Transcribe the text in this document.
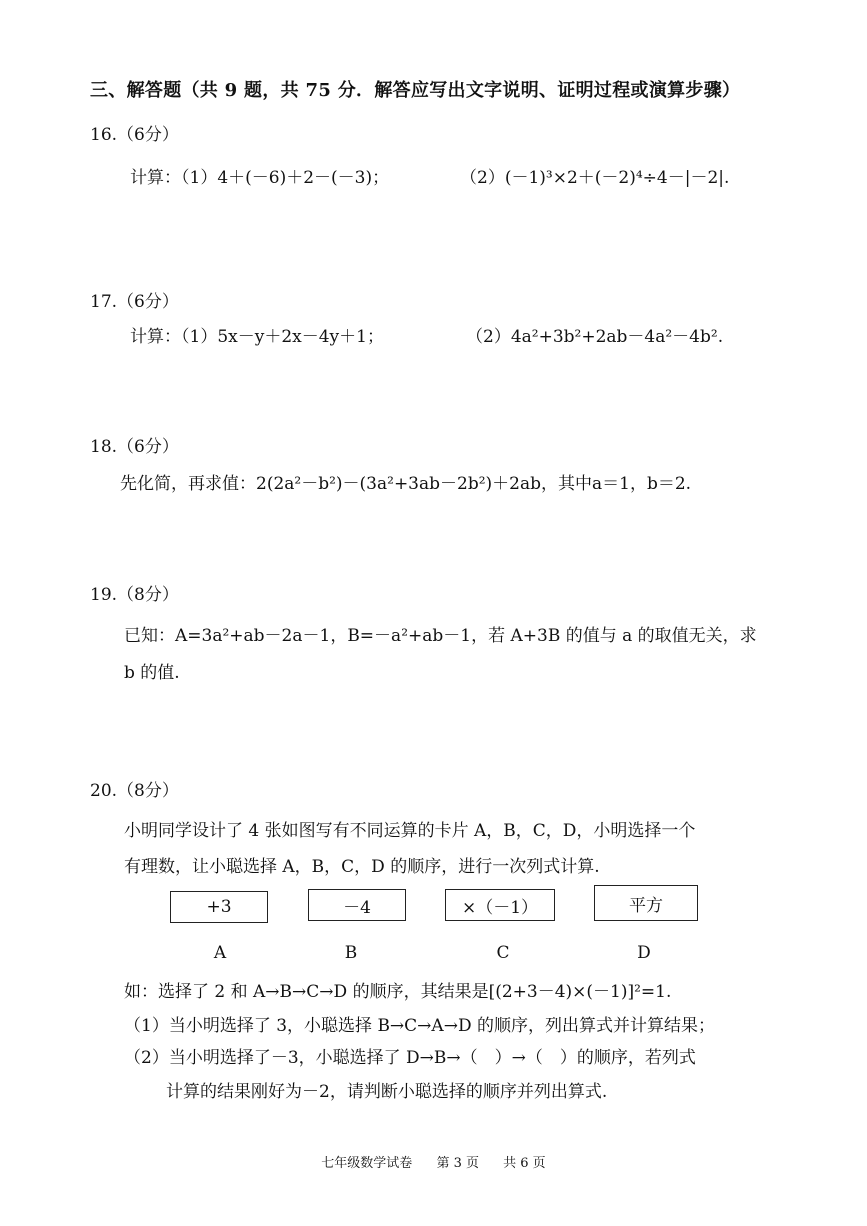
三、解答题（共 9 题，共 75 分．解答应写出文字说明、证明过程或演算步骤）
16.（6分）
计算：（1）4＋(－6)＋2－(－3)；	（2）(－1)³×2＋(－2)⁴÷4－|－2|.
17.（6分）
计算：（1）5x－y＋2x－4y＋1；	（2）4a²+3b²+2ab－4a²－4b².
18.（6分）
先化简，再求值：2(2a²－b²)－(3a²+3ab－2b²)＋2ab，其中a＝1，b＝2.
19.（8分）
已知：A=3a²+ab－2a－1，B=－a²+ab－1，若 A+3B 的值与 a 的取值无关，求
b 的值.
20.（8分）
小明同学设计了 4 张如图写有不同运算的卡片 A，B，C，D，小明选择一个
有理数，让小聪选择 A，B，C，D 的顺序，进行一次列式计算.
+3	－4	×（－1）	平方
A	B	C	D
如：选择了 2 和 A→B→C→D 的顺序，其结果是[(2+3－4)×(－1)]²=1.
（1）当小明选择了 3，小聪选择 B→C→A→D 的顺序，列出算式并计算结果；
（2）当小明选择了－3，小聪选择了 D→B→（　）→（　）的顺序，若列式
计算的结果刚好为－2，请判断小聪选择的顺序并列出算式.
七年级数学试卷 第 3 页 共 6 页
